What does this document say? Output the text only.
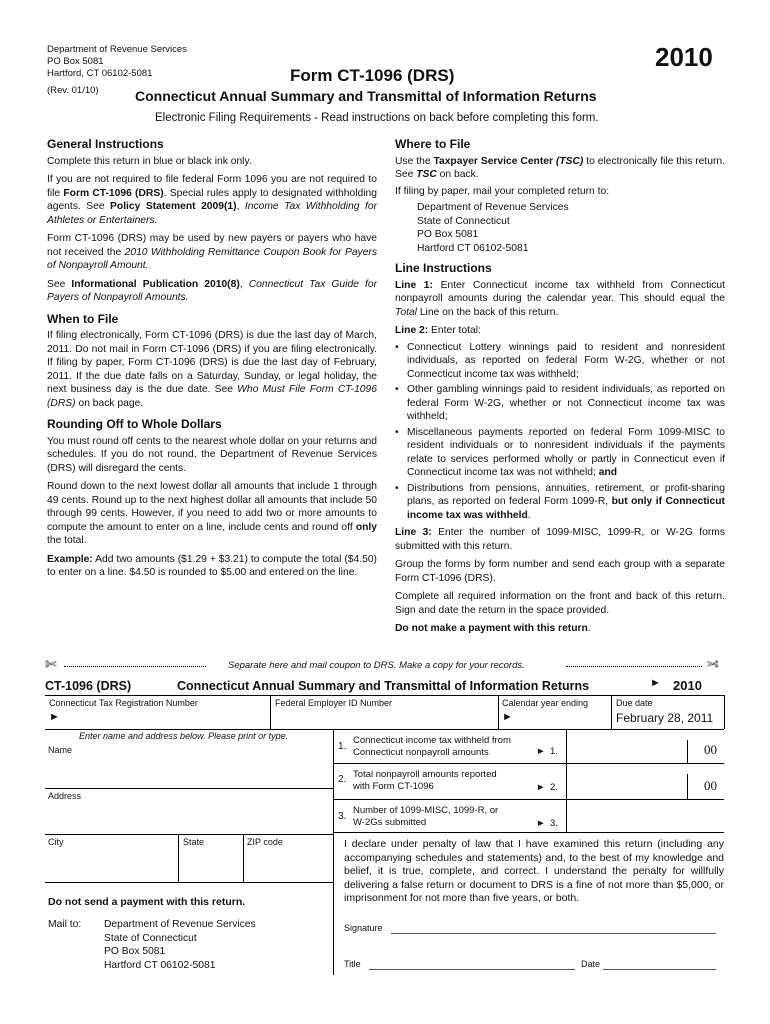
Department of Revenue Services
PO Box 5081
Hartford, CT 06102-5081
(Rev. 01/10)
Form CT-1096 (DRS)
2010
Connecticut Annual Summary and Transmittal of Information Returns
Electronic Filing Requirements - Read instructions on back before completing this form.
General Instructions

Complete this return in blue or black ink only.

If you are not required to file federal Form 1096 you are not required to file Form CT-1096 (DRS). Special rules apply to designated withholding agents. See Policy Statement 2009(1), Income Tax Withholding for Athletes or Entertainers.

Form CT-1096 (DRS) may be used by new payers or payers who have not received the 2010 Withholding Remittance Coupon Book for Payers of Nonpayroll Amount.

See Informational Publication 2010(8), Connecticut Tax Guide for Payers of Nonpayroll Amounts.

When to File

If filing electronically, Form CT-1096 (DRS) is due the last day of March, 2011. Do not mail in Form CT-1096 (DRS) if you are filing electronically. If filing by paper, Form CT-1096 (DRS) is due the last day of February, 2011. If the due date falls on a Saturday, Sunday, or legal holiday, the next business day is the due date. See Who Must File Form CT-1096 (DRS) on back page.

Rounding Off to Whole Dollars

You must round off cents to the nearest whole dollar on your returns and schedules. If you do not round, the Department of Revenue Services (DRS) will disregard the cents.

Round down to the next lowest dollar all amounts that include 1 through 49 cents. Round up to the next highest dollar all amounts that include 50 through 99 cents. However, if you need to add two or more amounts to compute the amount to enter on a line, include cents and round off only the total.

Example: Add two amounts ($1.29 + $3.21) to compute the total ($4.50) to enter on a line. $4.50 is rounded to $5.00 and entered on the line.

Where to File

Use the Taxpayer Service Center (TSC) to electronically file this return. See TSC on back.

If filing by paper, mail your completed return to:

Department of Revenue Services
State of Connecticut
PO Box 5081
Hartford CT 06102-5081
Line Instructions

Line 1: Enter Connecticut income tax withheld from Connecticut nonpayroll amounts during the calendar year. This should equal the Total Line on the back of this return.

Line 2: Enter total:

• Connecticut Lottery winnings paid to resident and nonresident individuals, as reported on federal Form W-2G, whether or not Connecticut income tax was withheld;
• Other gambling winnings paid to resident individuals, as reported on federal Form W-2G, whether or not Connecticut income tax was withheld;
• Miscellaneous payments reported on federal Form 1099-MISC to resident individuals or to nonresident individuals if the payments relate to services performed wholly or partly in Connecticut even if Connecticut income tax was not withheld; and
• Distributions from pensions, annuities, retirement, or profit-sharing plans, as reported on federal Form 1099-R, but only if Connecticut income tax was withheld.

Line 3: Enter the number of 1099-MISC, 1099-R, or W-2G forms submitted with this return.

Group the forms by form number and send each group with a separate Form CT-1096 (DRS).

Complete all required information on the front and back of this return. Sign and date the return in the space provided.

Do not make a payment with this return.

✄	Separate here and mail coupon to DRS. Make a copy for your records.	✄
CT-1096 (DRS)	Connecticut Annual Summary and Transmittal of Information Returns	► 2010
Connecticut Tax Registration Number
►
Federal Employer ID Number	Calendar year ending
►
Due date
February 28, 2011
Enter name and address below. Please print or type.
Name
Address
City	State	ZIP code
Do not send a payment with this return.
Mail to: Department of Revenue Services
State of Connecticut
PO Box 5081
Hartford CT 06102-5081
1.
Connecticut income tax withheld from
Connecticut nonpayroll amounts	► 1.	00
2. Total nonpayroll amounts reported
with Form CT-1096	► 2.	00
3.
Number of 1099-MISC, 1099-R, or
W-2Gs submitted	► 3.
I declare under penalty of law that I have examined this return (including any accompanying schedules and statements) and, to the best of my knowledge and belief, it is true, complete, and correct. I understand the penalty for willfully delivering a false return or document to DRS is a fine of not more than $5,000, or imprisonment for not more than five years, or both.
Signature
Title	Date
